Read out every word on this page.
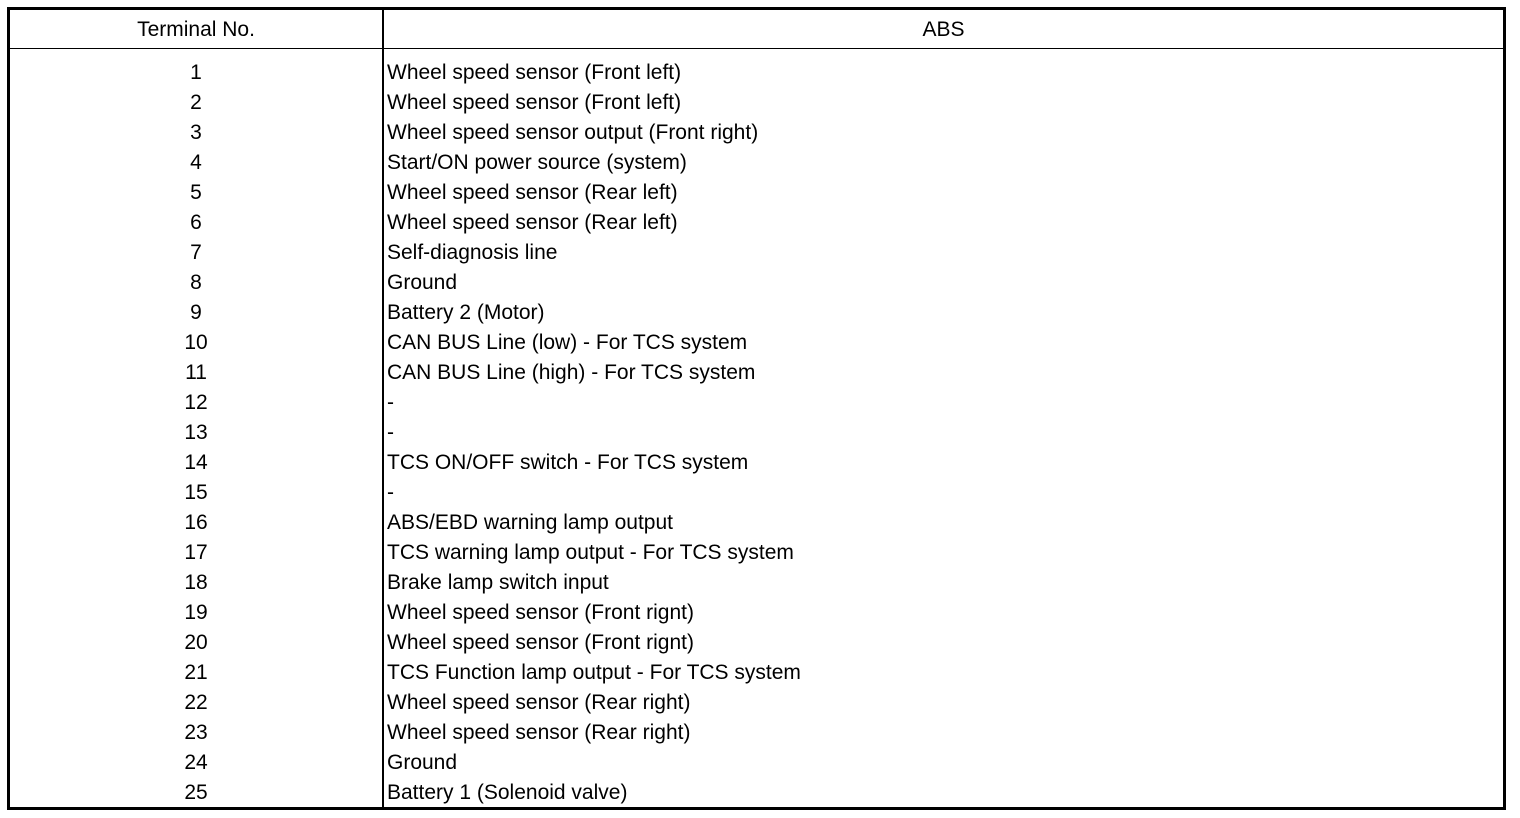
Terminal No.	ABS
1	Wheel speed sensor (Front left)
2	Wheel speed sensor (Front left)
3	Wheel speed sensor output (Front right)
4	Start/ON power source (system)
5	Wheel speed sensor (Rear left)
6	Wheel speed sensor (Rear left)
7	Self-diagnosis line
8	Ground
9	Battery 2 (Motor)
10	CAN BUS Line (low) - For TCS system
11	CAN BUS Line (high) - For TCS system
12	-
13	-
14	TCS ON/OFF switch - For TCS system
15	-
16	ABS/EBD warning lamp output
17	TCS warning lamp output - For TCS system
18	Brake lamp switch input
19	Wheel speed sensor (Front rignt)
20	Wheel speed sensor (Front rignt)
21	TCS Function lamp output - For TCS system
22	Wheel speed sensor (Rear right)
23	Wheel speed sensor (Rear right)
24	Ground
25	Battery 1 (Solenoid valve)
